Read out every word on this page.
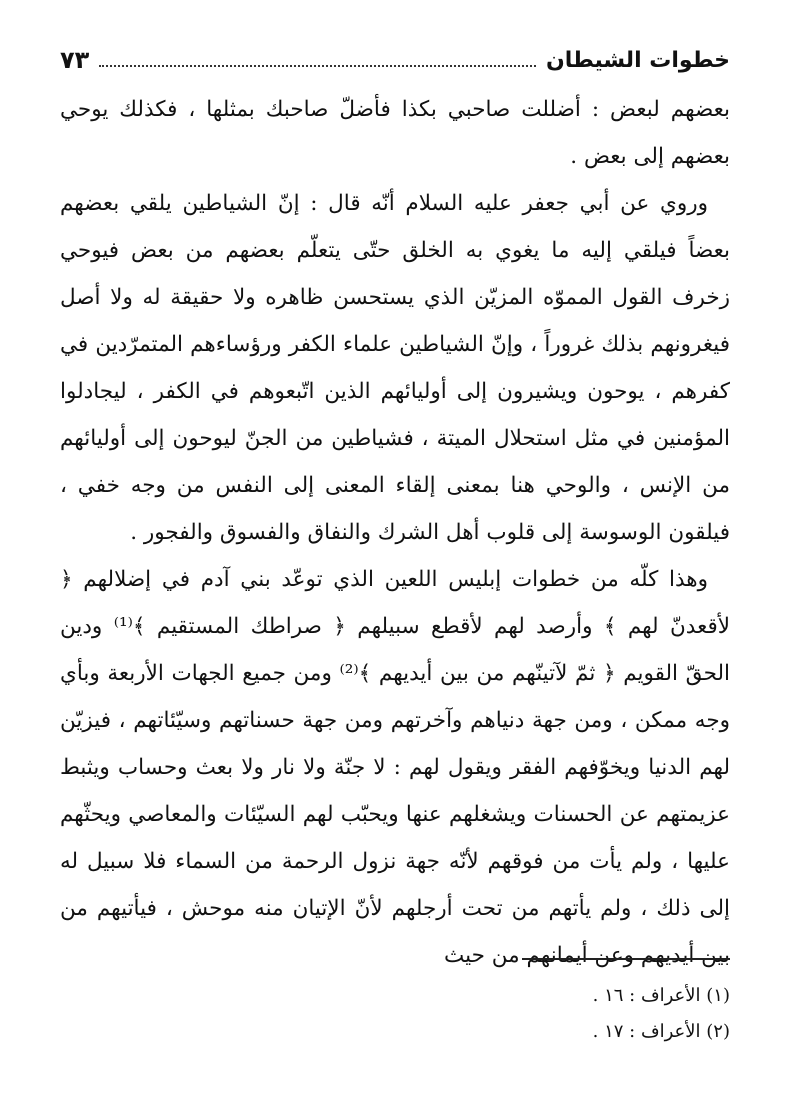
خطوات الشيطان
٧٣

بعضهم لبعض : أضللت صاحبي بكذا فأضلّ صاحبك بمثلها ، فكذلك يوحي بعضهم إلى بعض .

وروي عن أبي جعفر عليه السلام أنّه قال : إنّ الشياطين يلقي بعضهم بعضاً فيلقي إليه ما يغوي به الخلق حتّى يتعلّم بعضهم من بعض فيوحي زخرف القول المموّه المزيّن الذي يستحسن ظاهره ولا حقيقة له ولا أصل فيغرونهم بذلك غروراً ، وإنّ الشياطين علماء الكفر ورؤساءهم المتمرّدين في كفرهم ، يوحون ويشيرون إلى أوليائهم الذين اتّبعوهم في الكفر ، ليجادلوا المؤمنين في مثل استحلال الميتة ، فشياطين من الجنّ ليوحون إلى أوليائهم من الإنس ، والوحي هنا بمعنى إلقاء المعنى إلى النفس من وجه خفي ، فيلقون الوسوسة إلى قلوب أهل الشرك والنفاق والفسوق والفجور .

وهذا كلّه من خطوات إبليس اللعين الذي توعّد بني آدم في إضلالهم ﴿ لأقعدنّ لهم ﴾ وأرصد لهم لأقطع سبيلهم ﴿ صراطك المستقيم ﴾⁽¹⁾ ودين الحقّ القويم ﴿ ثمّ لآتينّهم من بين أيديهم ﴾⁽²⁾ ومن جميع الجهات الأربعة وبأي وجه ممكن ، ومن جهة دنياهم وآخرتهم ومن جهة حسناتهم وسيّئاتهم ، فيزيّن لهم الدنيا ويخوّفهم الفقر ويقول لهم : لا جنّة ولا نار ولا بعث وحساب ويثبط عزيمتهم عن الحسنات ويشغلهم عنها ويحبّب لهم السيّئات والمعاصي ويحثّهم عليها ، ولم يأت من فوقهم لأنّه جهة نزول الرحمة من السماء فلا سبيل له إلى ذلك ، ولم يأتهم من تحت أرجلهم لأنّ الإتيان منه موحش ، فيأتيهم من بين أيديهم وعن أيمانهم من حيث

(١) الأعراف : ١٦ .

(٢) الأعراف : ١٧ .
